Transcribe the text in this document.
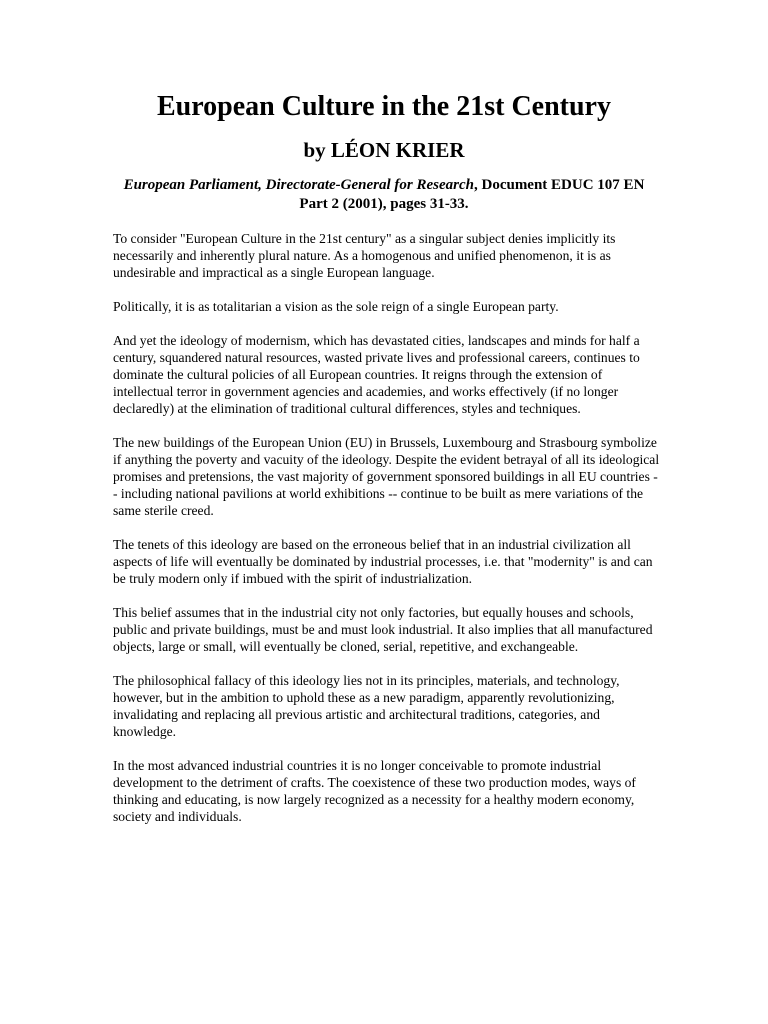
European Culture in the 21st Century
by LÉON KRIER
European Parliament, Directorate-General for Research, Document EDUC 107 EN Part 2 (2001), pages 31-33.

To consider "European Culture in the 21st century" as a singular subject denies implicitly its necessarily and inherently plural nature. As a homogenous and unified phenomenon, it is as undesirable and impractical as a single European language.

Politically, it is as totalitarian a vision as the sole reign of a single European party.

And yet the ideology of modernism, which has devastated cities, landscapes and minds for half a century, squandered natural resources, wasted private lives and professional careers, continues to dominate the cultural policies of all European countries. It reigns through the extension of intellectual terror in government agencies and academies, and works effectively (if no longer declaredly) at the elimination of traditional cultural differences, styles and techniques.

The new buildings of the European Union (EU) in Brussels, Luxembourg and Strasbourg symbolize if anything the poverty and vacuity of the ideology. Despite the evident betrayal of all its ideological promises and pretensions, the vast majority of government sponsored buildings in all EU countries -- including national pavilions at world exhibitions -- continue to be built as mere variations of the same sterile creed.

The tenets of this ideology are based on the erroneous belief that in an industrial civilization all aspects of life will eventually be dominated by industrial processes, i.e. that "modernity" is and can be truly modern only if imbued with the spirit of industrialization.

This belief assumes that in the industrial city not only factories, but equally houses and schools, public and private buildings, must be and must look industrial. It also implies that all manufactured objects, large or small, will eventually be cloned, serial, repetitive, and exchangeable.

The philosophical fallacy of this ideology lies not in its principles, materials, and technology, however, but in the ambition to uphold these as a new paradigm, apparently revolutionizing, invalidating and replacing all previous artistic and architectural traditions, categories, and knowledge.

In the most advanced industrial countries it is no longer conceivable to promote industrial development to the detriment of crafts. The coexistence of these two production modes, ways of thinking and educating, is now largely recognized as a necessity for a healthy modern economy, society and individuals.
